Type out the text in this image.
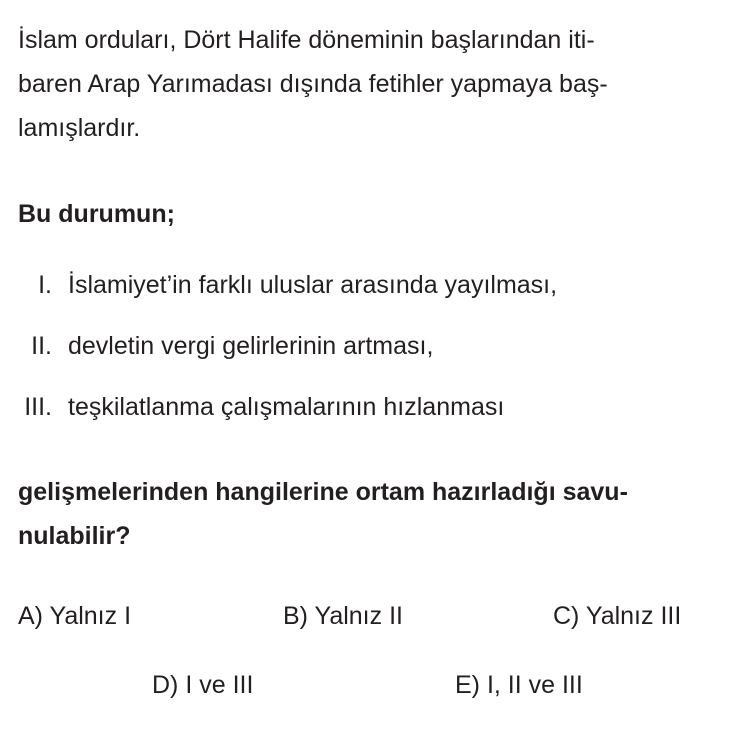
İslam orduları, Dört Halife döneminin başlarından iti-
baren Arap Yarımadası dışında fetihler yapmaya baş-
lamışlardır.
Bu durumun;
I. İslamiyet’in farklı uluslar arasında yayılması,
II. devletin vergi gelirlerinin artması,
III. teşkilatlanma çalışmalarının hızlanması
gelişmelerinden hangilerine ortam hazırladığı savu-
nulabilir?
A) Yalnız I	B) Yalnız II	C) Yalnız III
D) I ve III	E) I, II ve III
